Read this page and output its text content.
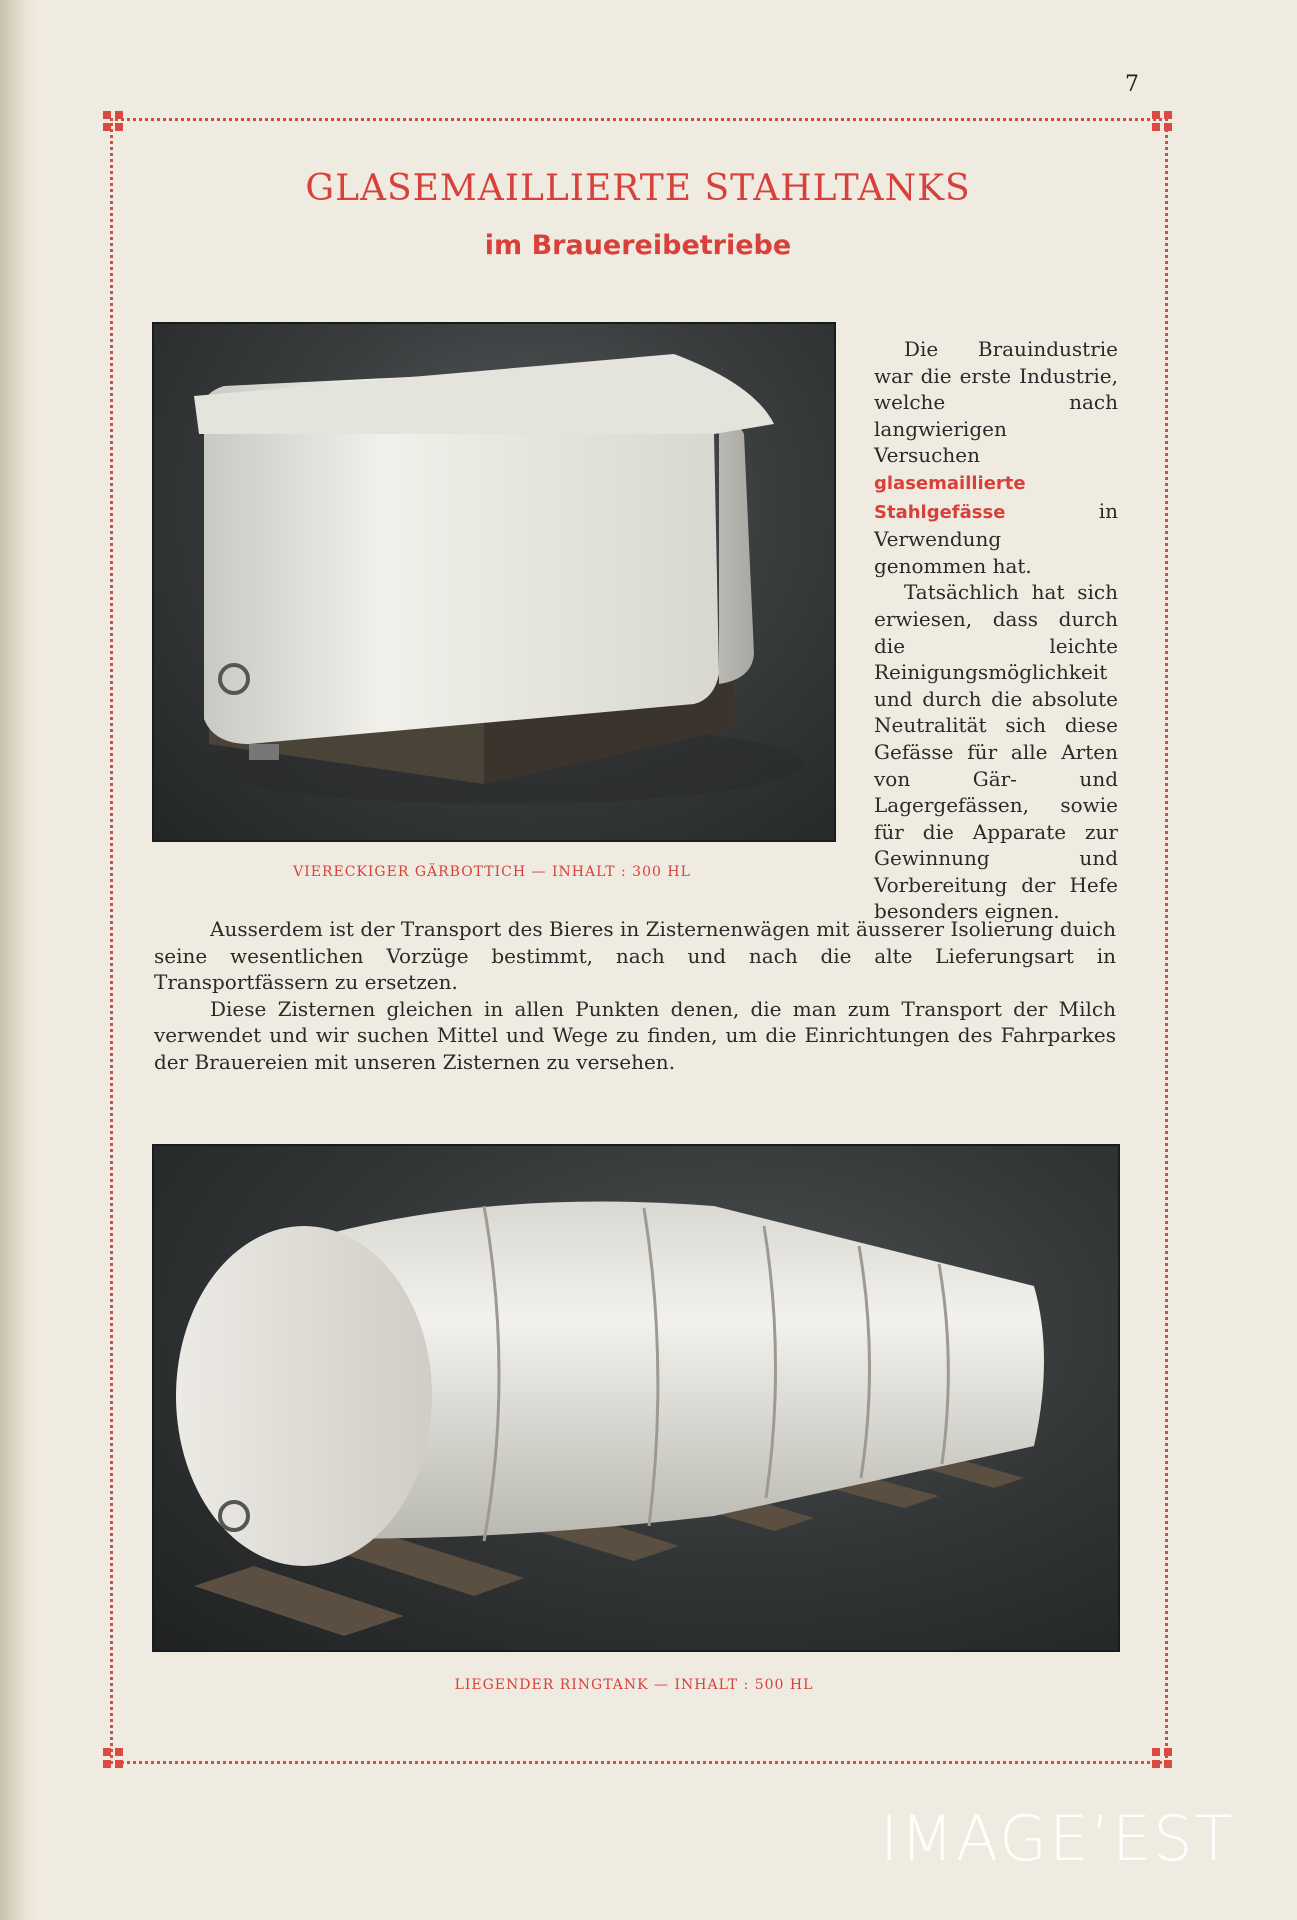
7
GLASEMAILLIERTE STAHLTANKS
im Brauereibetriebe
VIERECKIGER GÄRBOTTICH — INHALT : 300 HL

Die Brauindustrie war die erste Industrie, welche nach langwierigen Versuchen glasemaillierte Stahlgefässe	in Verwendung genommen hat.

Tatsächlich hat sich erwiesen, dass durch die leichte Reinigungsmöglichkeit und durch die absolute Neutralität sich diese Gefässe für alle Arten von Gär- und Lagergefässen, sowie für die Apparate zur Gewinnung und Vorbereitung der Hefe besonders eignen.

Ausserdem ist der Transport des Bieres in Zisternenwägen mit äusserer Isolierung duich seine wesentlichen Vorzüge bestimmt, nach und nach die alte Lieferungsart in Transportfässern zu ersetzen.

Diese Zisternen gleichen in allen Punkten denen, die man zum Transport der Milch verwendet und wir suchen Mittel und Wege zu finden, um die Einrichtungen des Fahrparkes der Brauereien mit unseren Zisternen zu versehen.

LIEGENDER RINGTANK — INHALT : 500 HL
IMAGE’EST
